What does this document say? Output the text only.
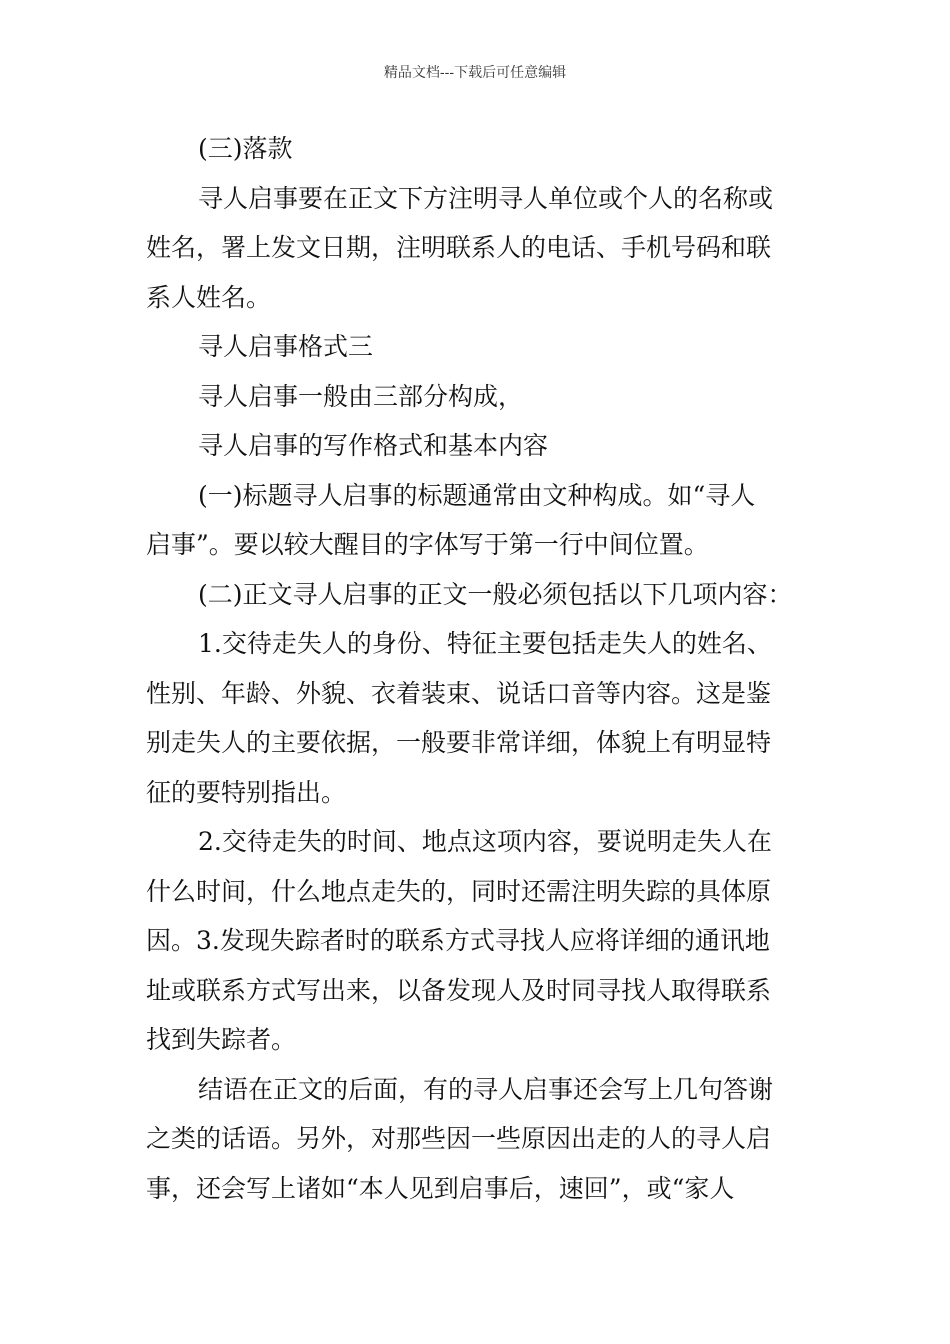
精品文档---下载后可任意编辑
(三)落款
寻人启事要在正文下方注明寻人单位或个人的名称或
姓名，署上发文日期，注明联系人的电话、手机号码和联
系人姓名。
寻人启事格式三
寻人启事一般由三部分构成，
寻人启事的写作格式和基本内容
(一)标题寻人启事的标题通常由文种构成。如“寻人
启事”。要以较大醒目的字体写于第一行中间位置。
(二)正文寻人启事的正文一般必须包括以下几项内容：
1.交待走失人的身份、特征主要包括走失人的姓名、
性别、年龄、外貌、衣着装束、说话口音等内容。这是鉴
别走失人的主要依据，一般要非常详细，体貌上有明显特
征的要特别指出。
2.交待走失的时间、地点这项内容，要说明走失人在
什么时间，什么地点走失的，同时还需注明失踪的具体原
因。3.发现失踪者时的联系方式寻找人应将详细的通讯地
址或联系方式写出来，以备发现人及时同寻找人取得联系
找到失踪者。
结语在正文的后面，有的寻人启事还会写上几句答谢
之类的话语。另外，对那些因一些原因出走的人的寻人启
事，还会写上诸如“本人见到启事后，速回”，或“家人
